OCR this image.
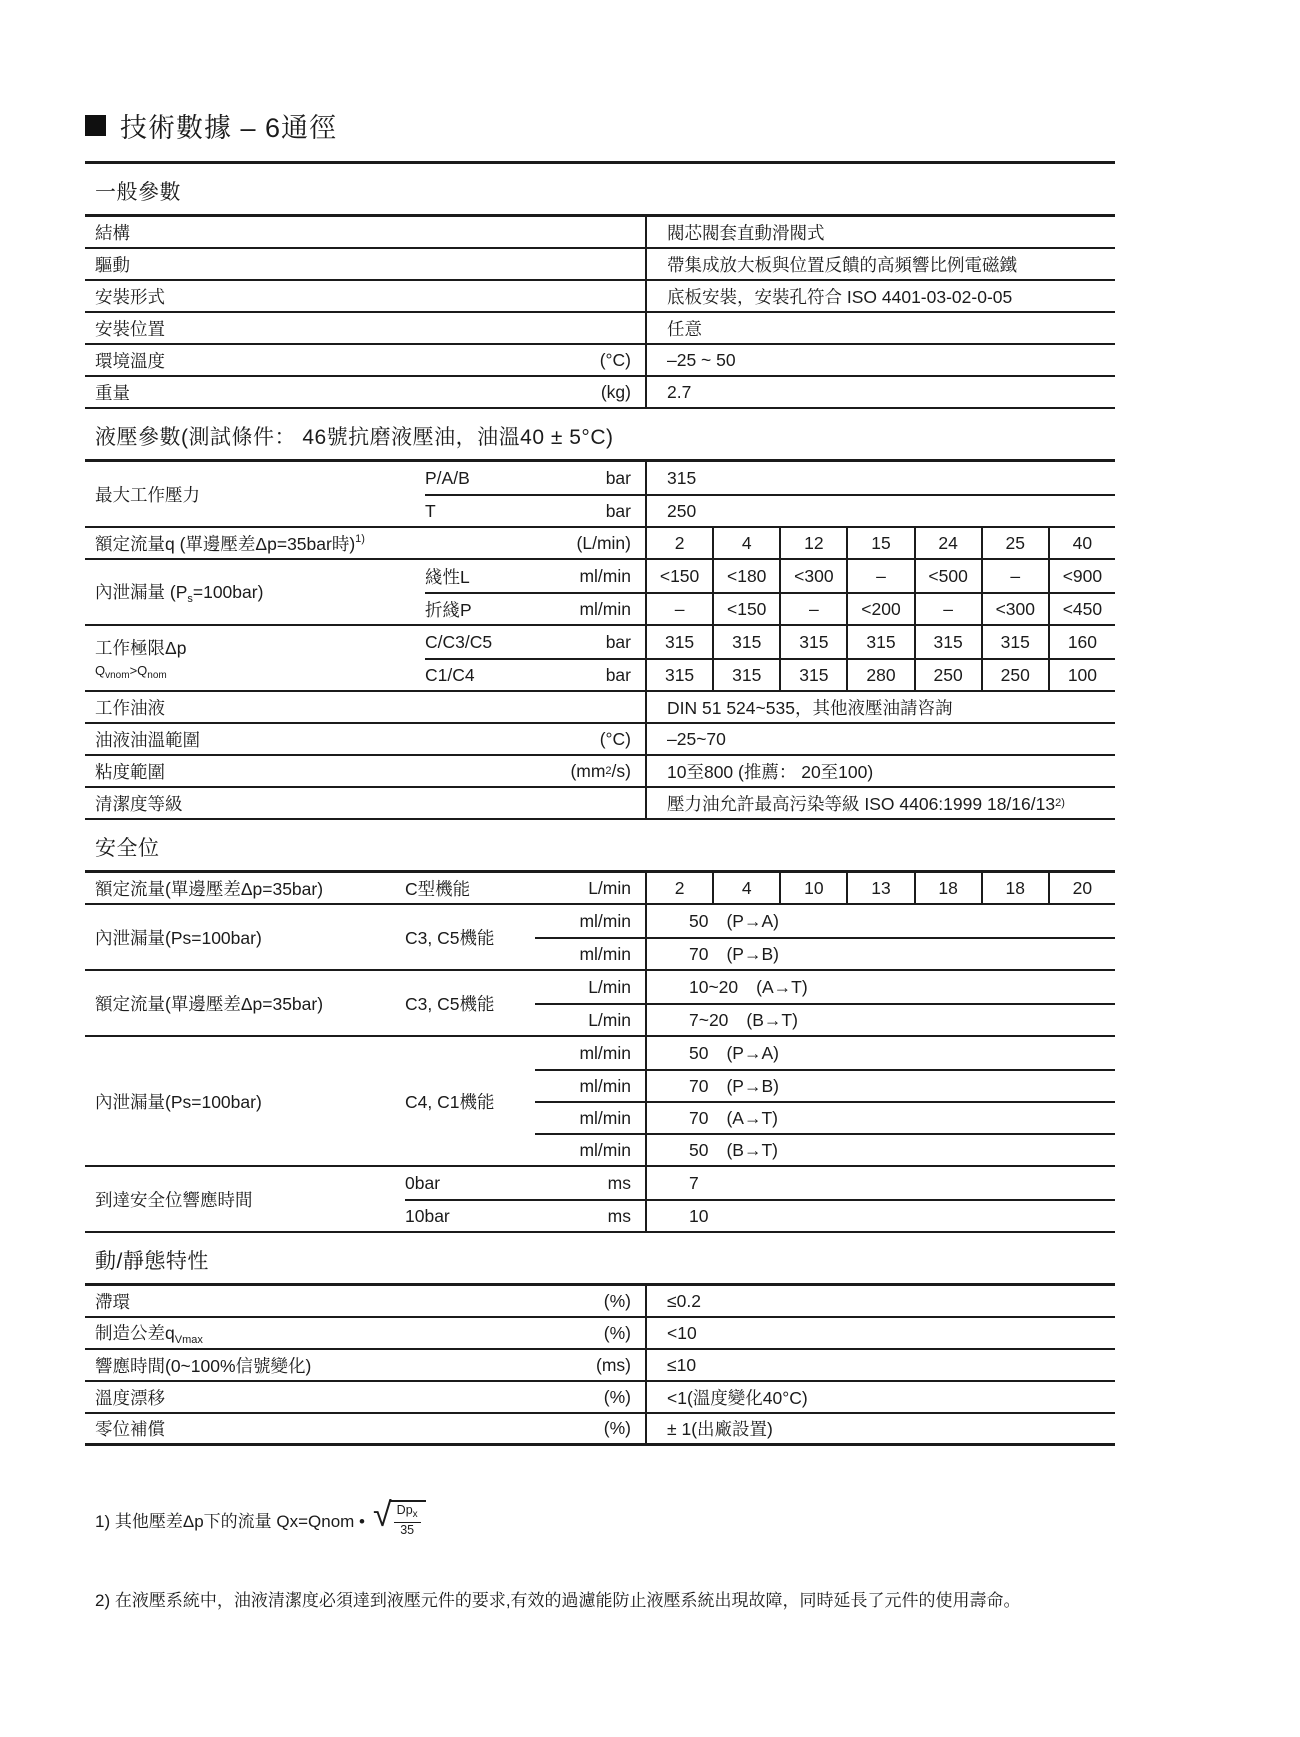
技術數據 – 6通徑
一般參數
結構	閥芯閥套直動滑閥式
驅動	帶集成放大板與位置反饋的高頻響比例電磁鐵
安裝形式	底板安裝，安裝孔符合 ISO 4401-03-02-0-05
安裝位置	任意
環境溫度	(°C)	–25 ~ 50
重量	(kg)	2.7
液壓參數(測試條件： 46號抗磨液壓油，油溫40 ± 5°C)
最大工作壓力
P/A/B	bar	315
T	bar	250
額定流量q (單邊壓差Δp=35bar時)$^{1)}$	(L/min)	2	4	12	15	24	25	40
內泄漏量 $(P_s=100bar)$
綫性L	ml/min	<150	<180	<300	–	<500	–	<900
折綫P	ml/min	–	<150	–	<200	–	<300	<450
工作極限Δp
$Q_{vnom}>Q_{nom}$
C/C3/C5	bar	315	315	315	315	315	315	160
C1/C4	bar	315	315	315	280	250	250	100
工作油液	DIN 51 524~535，其他液壓油請咨詢
油液油溫範圍	(°C)	–25~70
粘度範圍	(mm 2 /s)	10至800 (推薦： 20至100)
清潔度等級	壓力油允許最高污染等級 ISO 4406:1999 18/16/13 2)
安全位
額定流量(單邊壓差Δp=35bar)	C型機能	L/min	2	4	10	13	18	18	20
內泄漏量(Ps=100bar)	C3, C5機能
ml/min	50 (P→A)
ml/min	70 (P→B)
額定流量(單邊壓差Δp=35bar)	C3, C5機能
L/min	10~20 (A→T)
L/min	7~20 (B→T)
內泄漏量(Ps=100bar)	C4, C1機能
ml/min	50 (P→A)
ml/min	70 (P→B)
ml/min	70 (A→T)
ml/min	50 (B→T)
到達安全位響應時間
0bar	ms	7
10bar	ms	10
動/靜態特性
滯環	(%)	≤0.2
制造公差$q_{Vmax}$	(%)	<10
響應時間(0~100%信號變化)	(ms)	≤10
溫度漂移	(%)	<1(溫度變化40°C)
零位補償	(%)	± 1(出廠設置)
1) 其他壓差Δp下的流量 Qx=Qnom • √
$\frac{Dp_x}{35}$
2) 在液壓系統中，油液清潔度必須達到液壓元件的要求,有效的過濾能防止液壓系統出現故障，同時延長了元件的使用壽命。
